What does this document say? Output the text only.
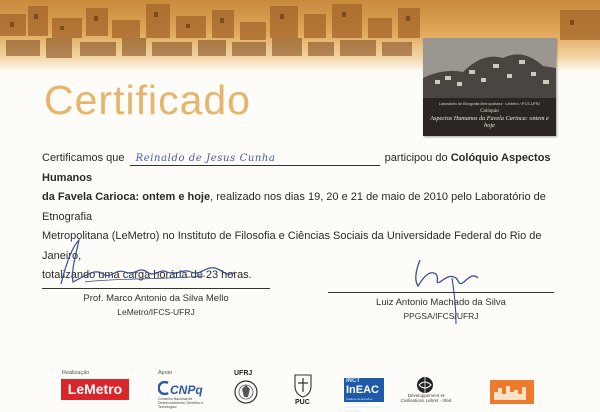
Laboratório de Etnografia Metropolitana · LeMetro / IFCS-UFRJ
Colóquio
Aspectos Humanos da Favela Carioca: ontem e hoje
Certificado
Certificamos que Reinaldo de Jesus Cunha	participou do Colóquio Aspectos Humanos
da Favela Carioca: ontem e hoje, realizado nos dias 19, 20 e 21 de maio de 2010 pelo Laboratório de Etnografia
Metropolitana (LeMetro) no Instituto de Filosofia e Ciências Sociais da Universidade Federal do Rio de Janeiro,
totalizando uma carga horária de 23 horas.
Prof. Marco Antonio da Silva Mello
LeMetro/IFCS-UFRJ
Luiz Antonio Machado da Silva
PPGSA/IFCS/UFRJ
Realização
LeMetro
Apoio
CNPq
Conselho Nacional de Desenvolvimento Científico e Tecnológico
UFRJ
PUC
INCT
InEAC
Instituto de Estudos Comparados em Administração Institucional de Conflitos
Développement et Civilisations Lebret - Irfed
